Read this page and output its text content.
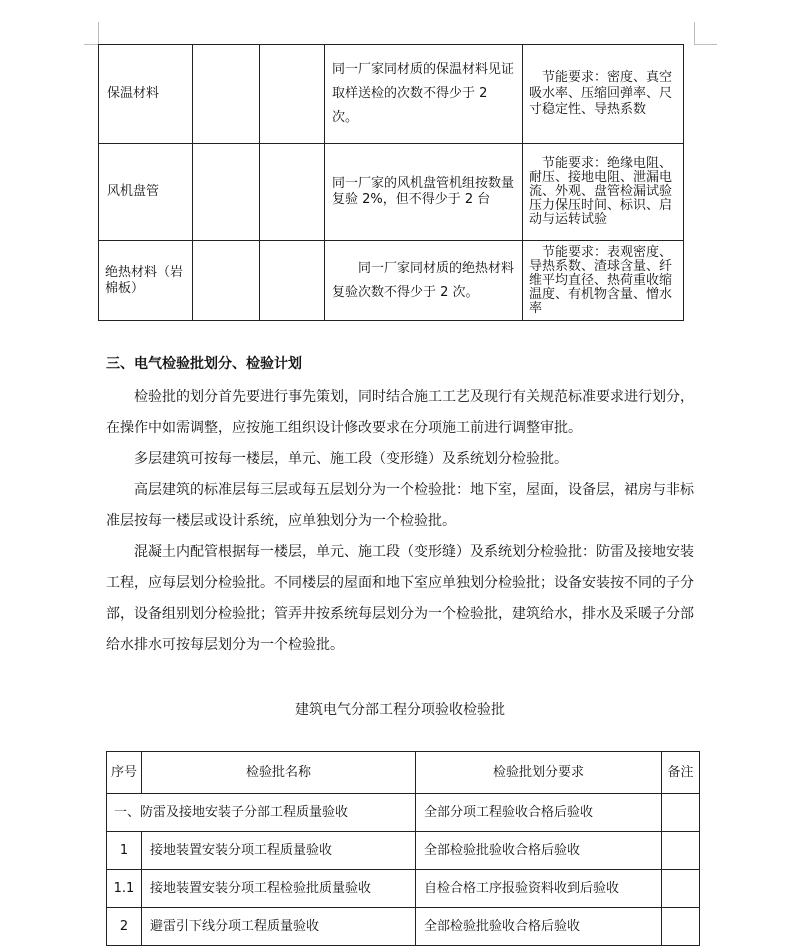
保温材料			同一厂家同材质的保温材料见证取样送检的次数不得少于 2 次。	节能要求：密度、真空吸水率、压缩回弹率、尺寸稳定性、导热系数

风机盘管			同一厂家的风机盘管机组按数量复验 2%，但不得少于 2 台	节能要求：绝缘电阻、耐压、接地电阻、泄漏电流、外观、盘管检漏试验压力保压时间、标识、启动与运转试验

绝热材料（岩棉板）			同一厂家同材质的绝热材料复验次数不得少于 2 次。	节能要求：表观密度、导热系数、渣球含量、纤维平均直径、热荷重收缩温度、有机物含量、憎水率
三、电气检验批划分、检验计划

检验批的划分首先要进行事先策划，同时结合施工工艺及现行有关规范标准要求进行划分，在操作中如需调整，应按施工组织设计修改要求在分项施工前进行调整审批。

多层建筑可按每一楼层，单元、施工段（变形缝）及系统划分检验批。

高层建筑的标准层每三层或每五层划分为一个检验批：地下室，屋面，设备层，裙房与非标准层按每一楼层或设计系统，应单独划分为一个检验批。

混凝土内配管根据每一楼层，单元、施工段（变形缝）及系统划分检验批：防雷及接地安装工程，应每层划分检验批。不同楼层的屋面和地下室应单独划分检验批；设备安装按不同的子分部，设备组别划分检验批；管弄井按系统每层划分为一个检验批，建筑给水，排水及采暖子分部给水排水可按每层划分为一个检验批。

建筑电气分部工程分项验收检验批

序号	检验批名称	检验批划分要求	备注
一、防雷及接地安装子分部工程质量验收		全部分项工程验收合格后验收	
1	接地装置安装分项工程质量验收	全部检验批验收合格后验收	
1.1	接地装置安装分项工程检验批质量验收	自检合格工序报验资料收到后验收	
2	避雷引下线分项工程质量验收	全部检验批验收合格后验收	
